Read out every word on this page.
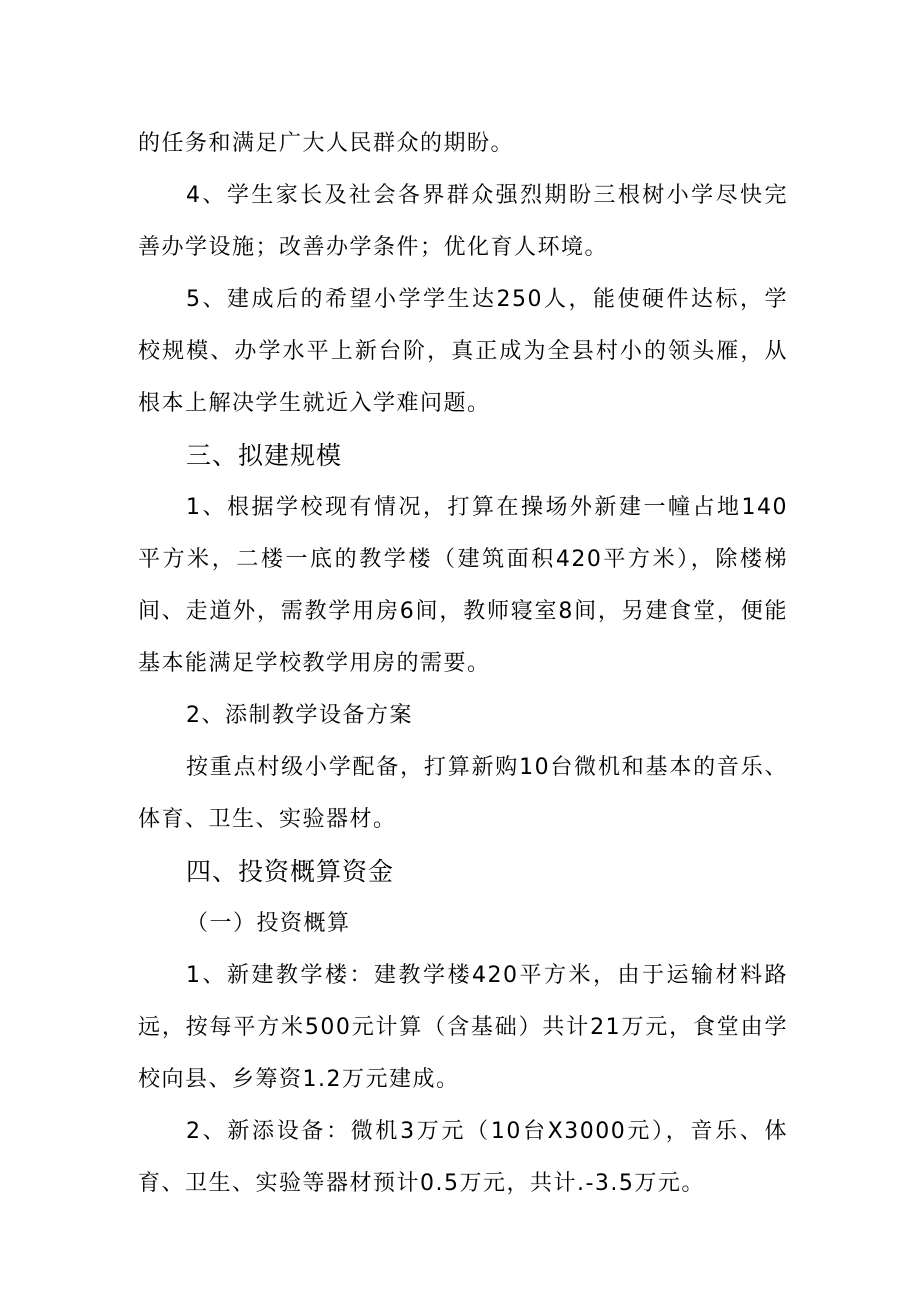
的任务和满足广大人民群众的期盼。

4、学生家长及社会各界群众强烈期盼三根树小学尽快完善办学设施；改善办学条件；优化育人环境。

5、建成后的希望小学学生达250人，能使硬件达标，学校规模、办学水平上新台阶，真正成为全县村小的领头雁，从根本上解决学生就近入学难问题。

三、拟建规模

1、根据学校现有情况，打算在操场外新建一幢占地140平方米，二楼一底的教学楼（建筑面积420平方米），除楼梯间、走道外，需教学用房6间，教师寝室8间，另建食堂，便能基本能满足学校教学用房的需要。

2、添制教学设备方案

按重点村级小学配备，打算新购10台微机和基本的音乐、体育、卫生、实验器材。

四、投资概算资金

（一）投资概算

1、新建教学楼：建教学楼420平方米，由于运输材料路远，按每平方米500元计算（含基础）共计21万元，食堂由学校向县、乡筹资1.2万元建成。

2、新添设备：微机3万元（10台X3000元），音乐、体育、卫生、实验等器材预计0.5万元，共计.-3.5万元。
